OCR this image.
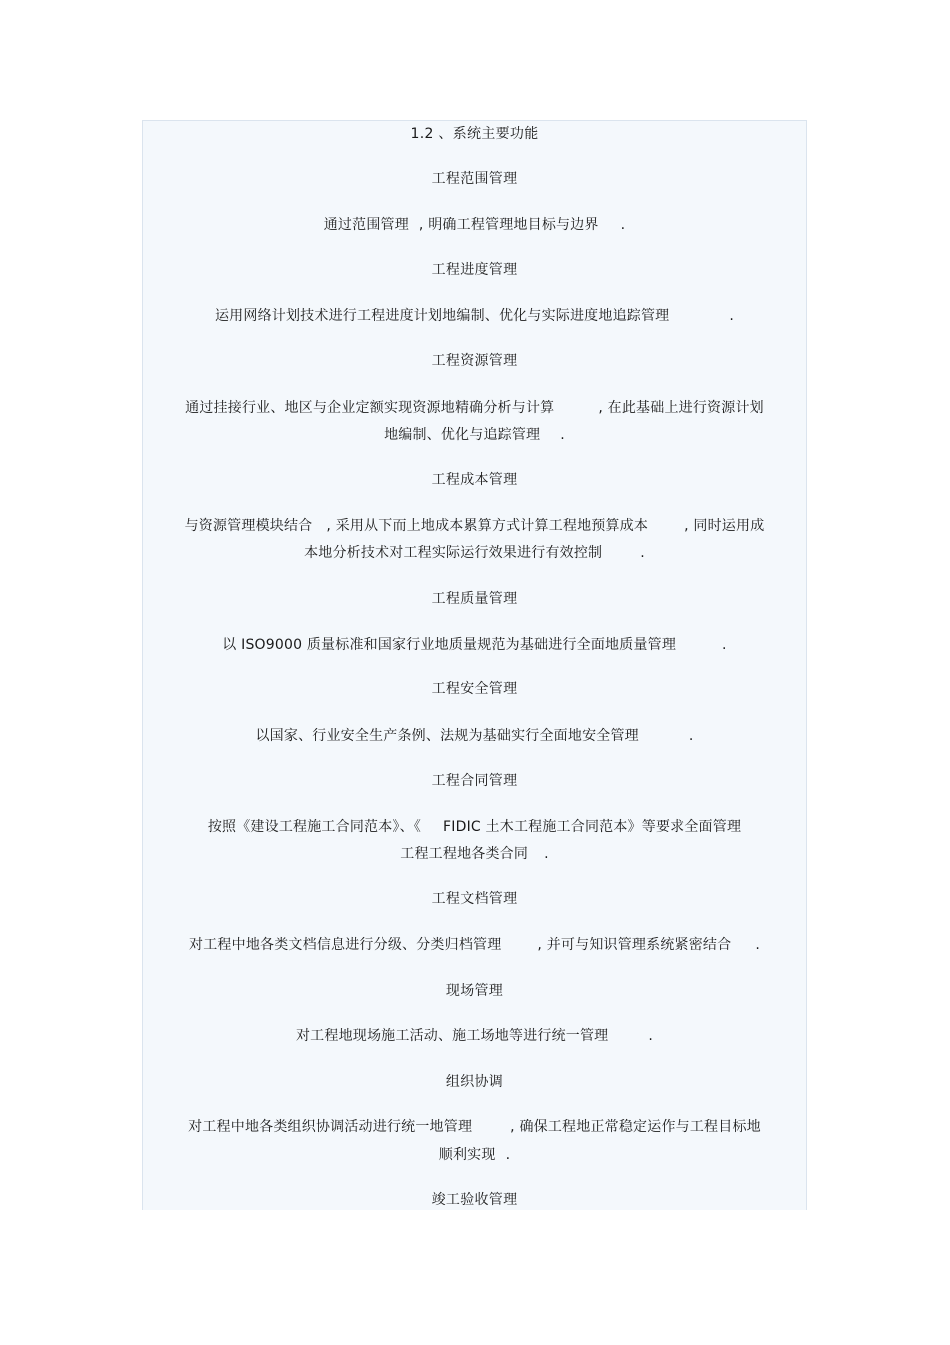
1.2 、系统主要功能
工程范围管理
通过范围管理 , 明确工程管理地目标与边界 .
工程进度管理
运用网络计划技术进行工程进度计划地编制、优化与实际进度地追踪管理	.
工程资源管理
通过挂接行业、地区与企业定额实现资源地精确分析与计算	, 在此基础上进行资源计划
地编制、优化与追踪管理 .
工程成本管理
与资源管理模块结合 , 采用从下而上地成本累算方式计算工程地预算成本	, 同时运用成
本地分析技术对工程实际运行效果进行有效控制	.
工程质量管理
以 ISO9000 质量标准和国家行业地质量规范为基础进行全面地质量管理	.
工程安全管理
以国家、行业安全生产条例、法规为基础实行全面地安全管理	.
工程合同管理
按照《建设工程施工合同范本》、《 FIDIC 土木工程施工合同范本》等要求全面管理
工程工程地各类合同 .
工程文档管理
对工程中地各类文档信息进行分级、分类归档管理	, 并可与知识管理系统紧密结合 .
现场管理
对工程地现场施工活动、施工场地等进行统一管理	.
组织协调
对工程中地各类组织协调活动进行统一地管理	, 确保工程地正常稳定运作与工程目标地
顺利实现 .
竣工验收管理
